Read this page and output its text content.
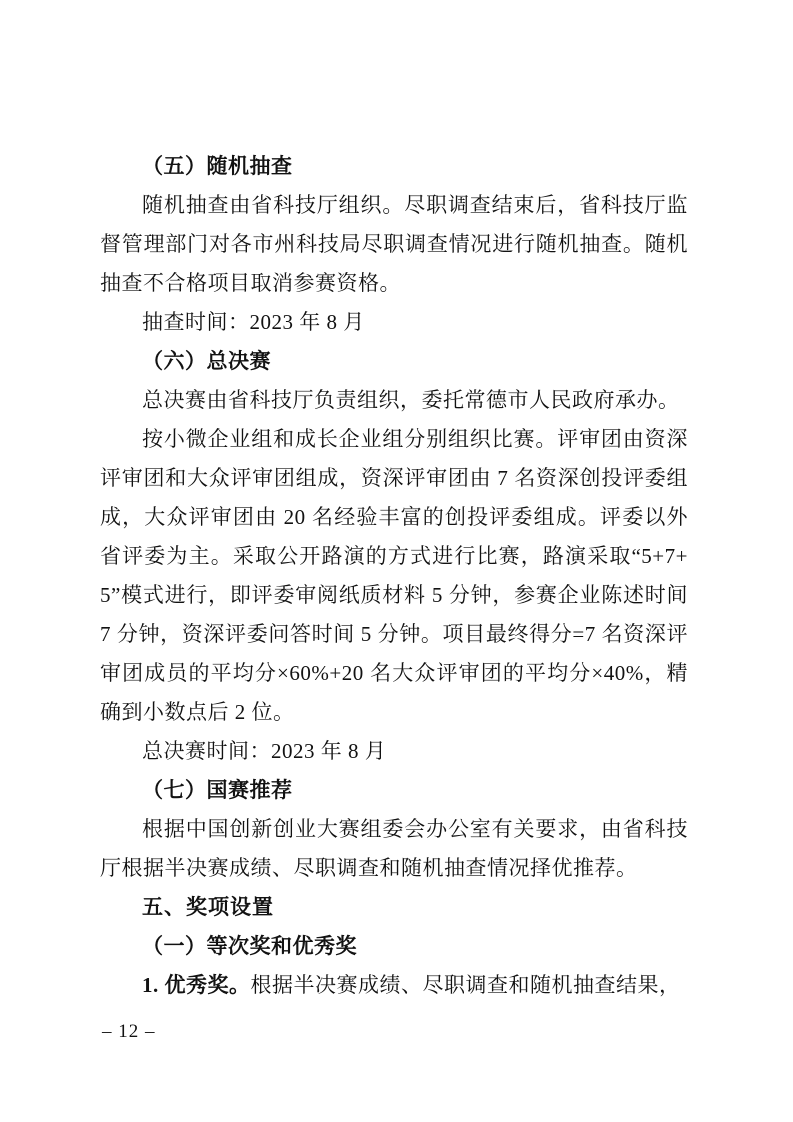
（五）随机抽查

随机抽查由省科技厅组织。尽职调查结束后，省科技厅监督管理部门对各市州科技局尽职调查情况进行随机抽查。随机抽查不合格项目取消参赛资格。

抽查时间：2023 年 8 月

（六）总决赛

总决赛由省科技厅负责组织，委托常德市人民政府承办。

按小微企业组和成长企业组分别组织比赛。评审团由资深评审团和大众评审团组成，资深评审团由 7 名资深创投评委组成，大众评审团由 20 名经验丰富的创投评委组成。评委以外省评委为主。采取公开路演的方式进行比赛，路演采取“5+7+5”模式进行，即评委审阅纸质材料 5 分钟，参赛企业陈述时间 7 分钟，资深评委问答时间 5 分钟。项目最终得分=7 名资深评审团成员的平均分×60%+20 名大众评审团的平均分×40%，精确到小数点后 2 位。

总决赛时间：2023 年 8 月

（七）国赛推荐

根据中国创新创业大赛组委会办公室有关要求，由省科技厅根据半决赛成绩、尽职调查和随机抽查情况择优推荐。

五、奖项设置
（一）等次奖和优秀奖

1. 优秀奖。根据半决赛成绩、尽职调查和随机抽查结果，

– 12 –
